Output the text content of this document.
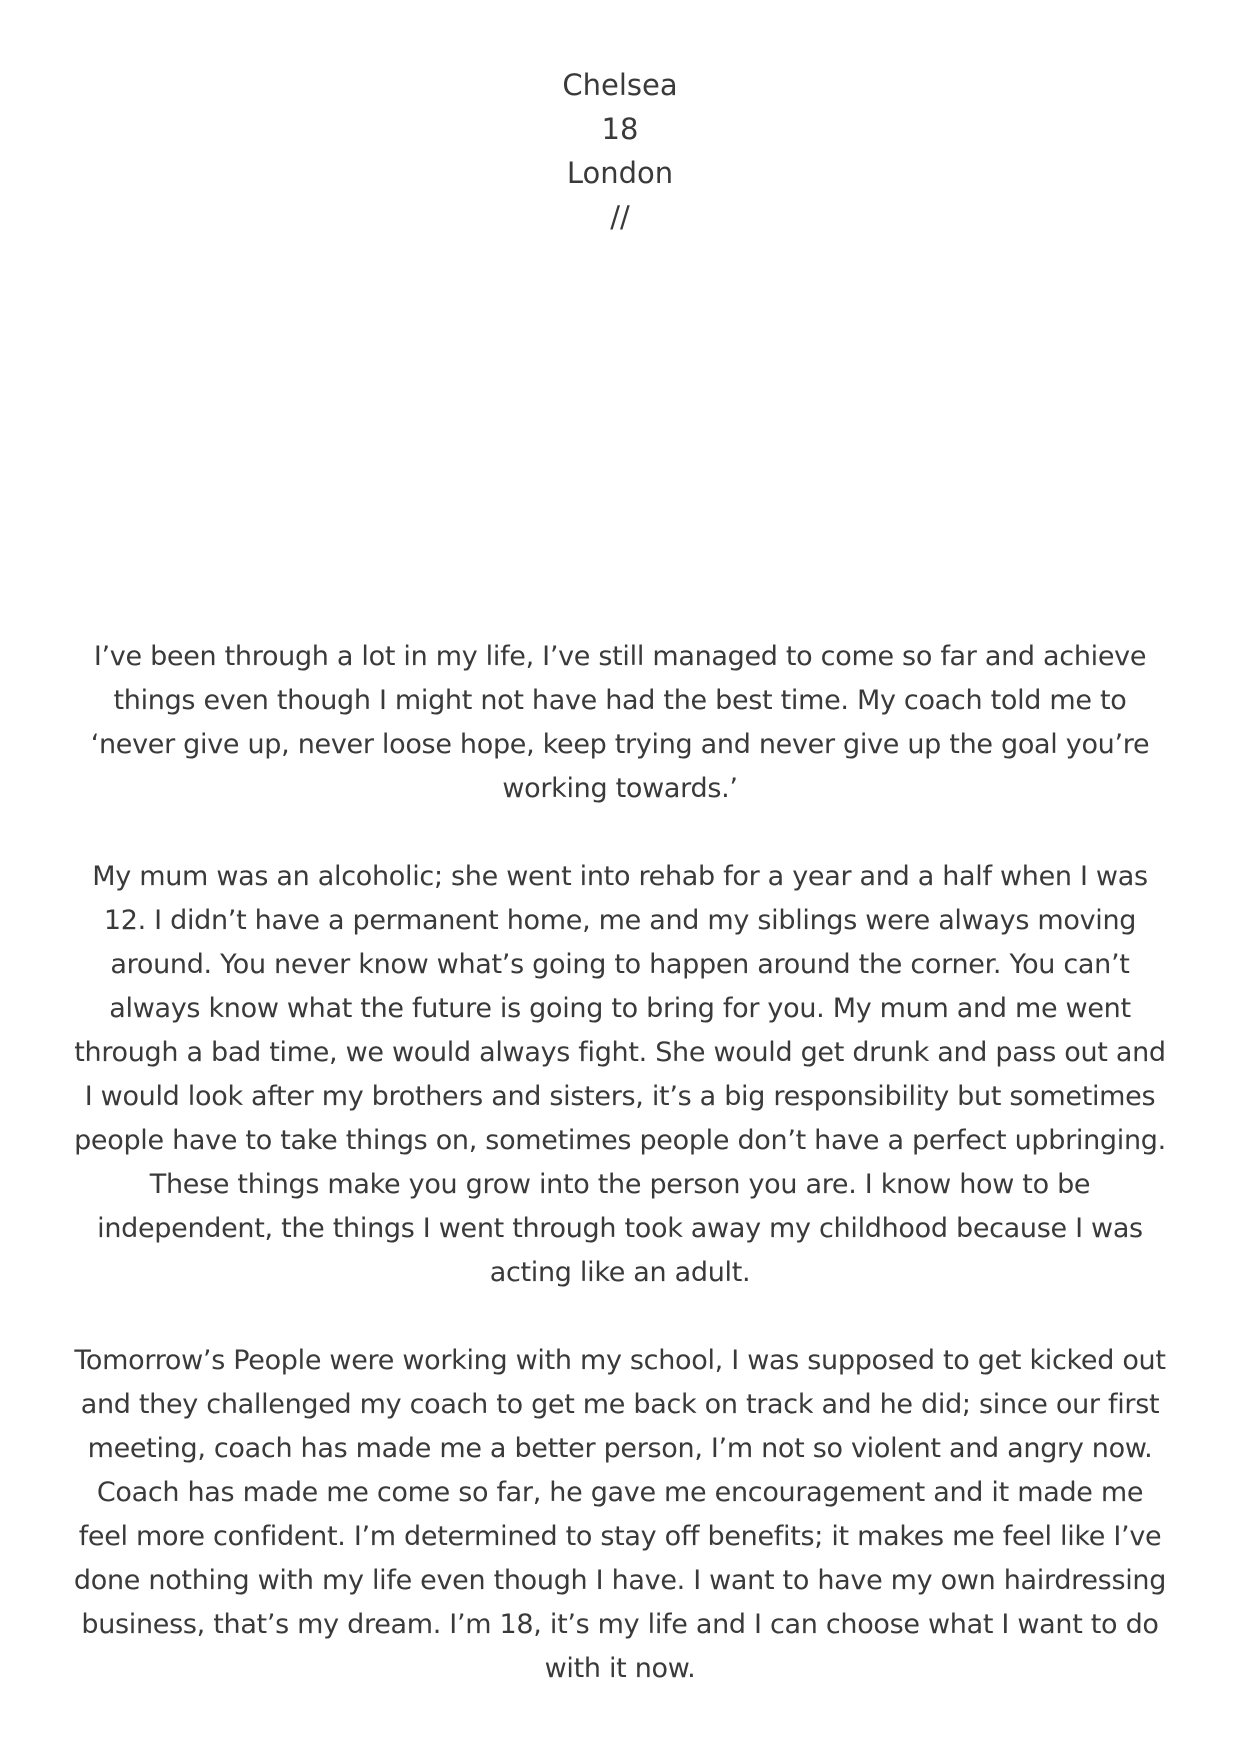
Chelsea
18
London
//

I’ve been through a lot in my life, I’ve still managed to come so far and achieve things even though I might not have had the best time. My coach told me to ‘never give up, never loose hope, keep trying and never give up the goal you’re working towards.’

My mum was an alcoholic; she went into rehab for a year and a half when I was 12. I didn’t have a permanent home, me and my siblings were always moving around. You never know what’s going to happen around the corner. You can’t always know what the future is going to bring for you. My mum and me went through a bad time, we would always fight. She would get drunk and pass out and I would look after my brothers and sisters, it’s a big responsibility but sometimes people have to take things on, sometimes people don’t have a perfect upbringing. These things make you grow into the person you are. I know how to be independent, the things I went through took away my childhood because I was acting like an adult.

Tomorrow’s People were working with my school, I was supposed to get kicked out and they challenged my coach to get me back on track and he did; since our first meeting, coach has made me a better person, I’m not so violent and angry now. Coach has made me come so far, he gave me encouragement and it made me feel more confident. I’m determined to stay off benefits; it makes me feel like I’ve done nothing with my life even though I have. I want to have my own hairdressing business, that’s my dream. I’m 18, it’s my life and I can choose what I want to do with it now.
